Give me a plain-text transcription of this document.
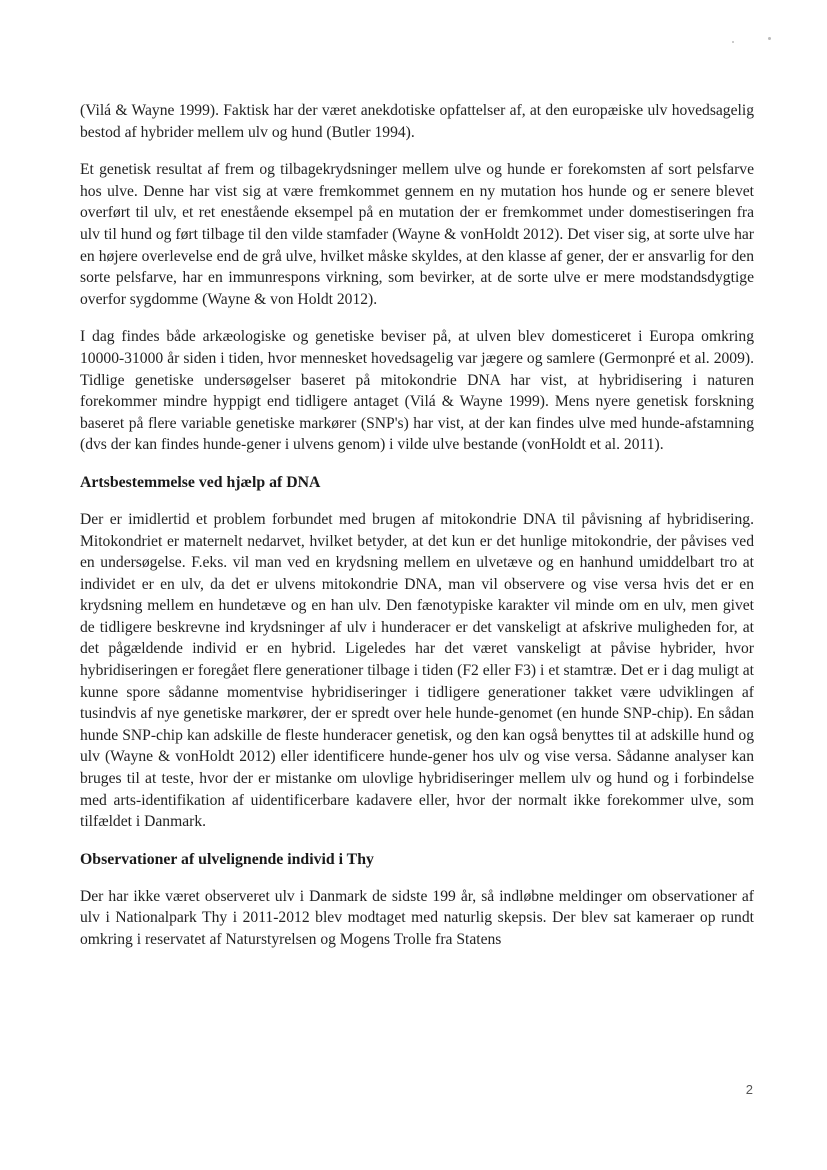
(Vilá & Wayne 1999). Faktisk har der været anekdotiske opfattelser af, at den europæiske ulv hovedsagelig bestod af hybrider mellem ulv og hund (Butler 1994).

Et genetisk resultat af frem og tilbagekrydsninger mellem ulve og hunde er forekomsten af sort pelsfarve hos ulve. Denne har vist sig at være fremkommet gennem en ny mutation hos hunde og er senere blevet overført til ulv, et ret enestående eksempel på en mutation der er fremkommet under domestiseringen fra ulv til hund og ført tilbage til den vilde stamfader (Wayne & vonHoldt 2012). Det viser sig, at sorte ulve har en højere overlevelse end de grå ulve, hvilket måske skyldes, at den klasse af gener, der er ansvarlig for den sorte pelsfarve, har en immunrespons virkning, som bevirker, at de sorte ulve er mere modstandsdygtige overfor sygdomme (Wayne & von Holdt 2012).

I dag findes både arkæologiske og genetiske beviser på, at ulven blev domesticeret i Europa omkring 10000-31000 år siden i tiden, hvor mennesket hovedsagelig var jægere og samlere (Germonpré et al. 2009). Tidlige genetiske undersøgelser baseret på mitokondrie DNA har vist, at hybridisering i naturen forekommer mindre hyppigt end tidligere antaget (Vilá & Wayne 1999). Mens nyere genetisk forskning baseret på flere variable genetiske markører (SNP's) har vist, at der kan findes ulve med hunde-afstamning (dvs der kan findes hunde-gener i ulvens genom) i vilde ulve bestande (vonHoldt et al. 2011).

Artsbestemmelse ved hjælp af DNA

Der er imidlertid et problem forbundet med brugen af mitokondrie DNA til påvisning af hybridisering. Mitokondriet er maternelt nedarvet, hvilket betyder, at det kun er det hunlige mitokondrie, der påvises ved en undersøgelse. F.eks. vil man ved en krydsning mellem en ulvetæve og en hanhund umiddelbart tro at individet er en ulv, da det er ulvens mitokondrie DNA, man vil observere og vise versa hvis det er en krydsning mellem en hundetæve og en han ulv. Den fænotypiske karakter vil minde om en ulv, men givet de tidligere beskrevne ind krydsninger af ulv i hunderacer er det vanskeligt at afskrive muligheden for, at det pågældende individ er en hybrid. Ligeledes har det været vanskeligt at påvise hybrider, hvor hybridiseringen er foregået flere generationer tilbage i tiden (F2 eller F3) i et stamtræ. Det er i dag muligt at kunne spore sådanne momentvise hybridiseringer i tidligere generationer takket være udviklingen af tusindvis af nye genetiske markører, der er spredt over hele hunde-genomet (en hunde SNP-chip). En sådan hunde SNP-chip kan adskille de fleste hunderacer genetisk, og den kan også benyttes til at adskille hund og ulv (Wayne & vonHoldt 2012) eller identificere hunde-gener hos ulv og vise versa. Sådanne analyser kan bruges til at teste, hvor der er mistanke om ulovlige hybridiseringer mellem ulv og hund og i forbindelse med arts-identifikation af uidentificerbare kadavere eller, hvor der normalt ikke forekommer ulve, som tilfældet i Danmark.

Observationer af ulvelignende individ i Thy

Der har ikke været observeret ulv i Danmark de sidste 199 år, så indløbne meldinger om observationer af ulv i Nationalpark Thy i 2011-2012 blev modtaget med naturlig skepsis. Der blev sat kameraer op rundt omkring i reservatet af Naturstyrelsen og Mogens Trolle fra Statens

2
